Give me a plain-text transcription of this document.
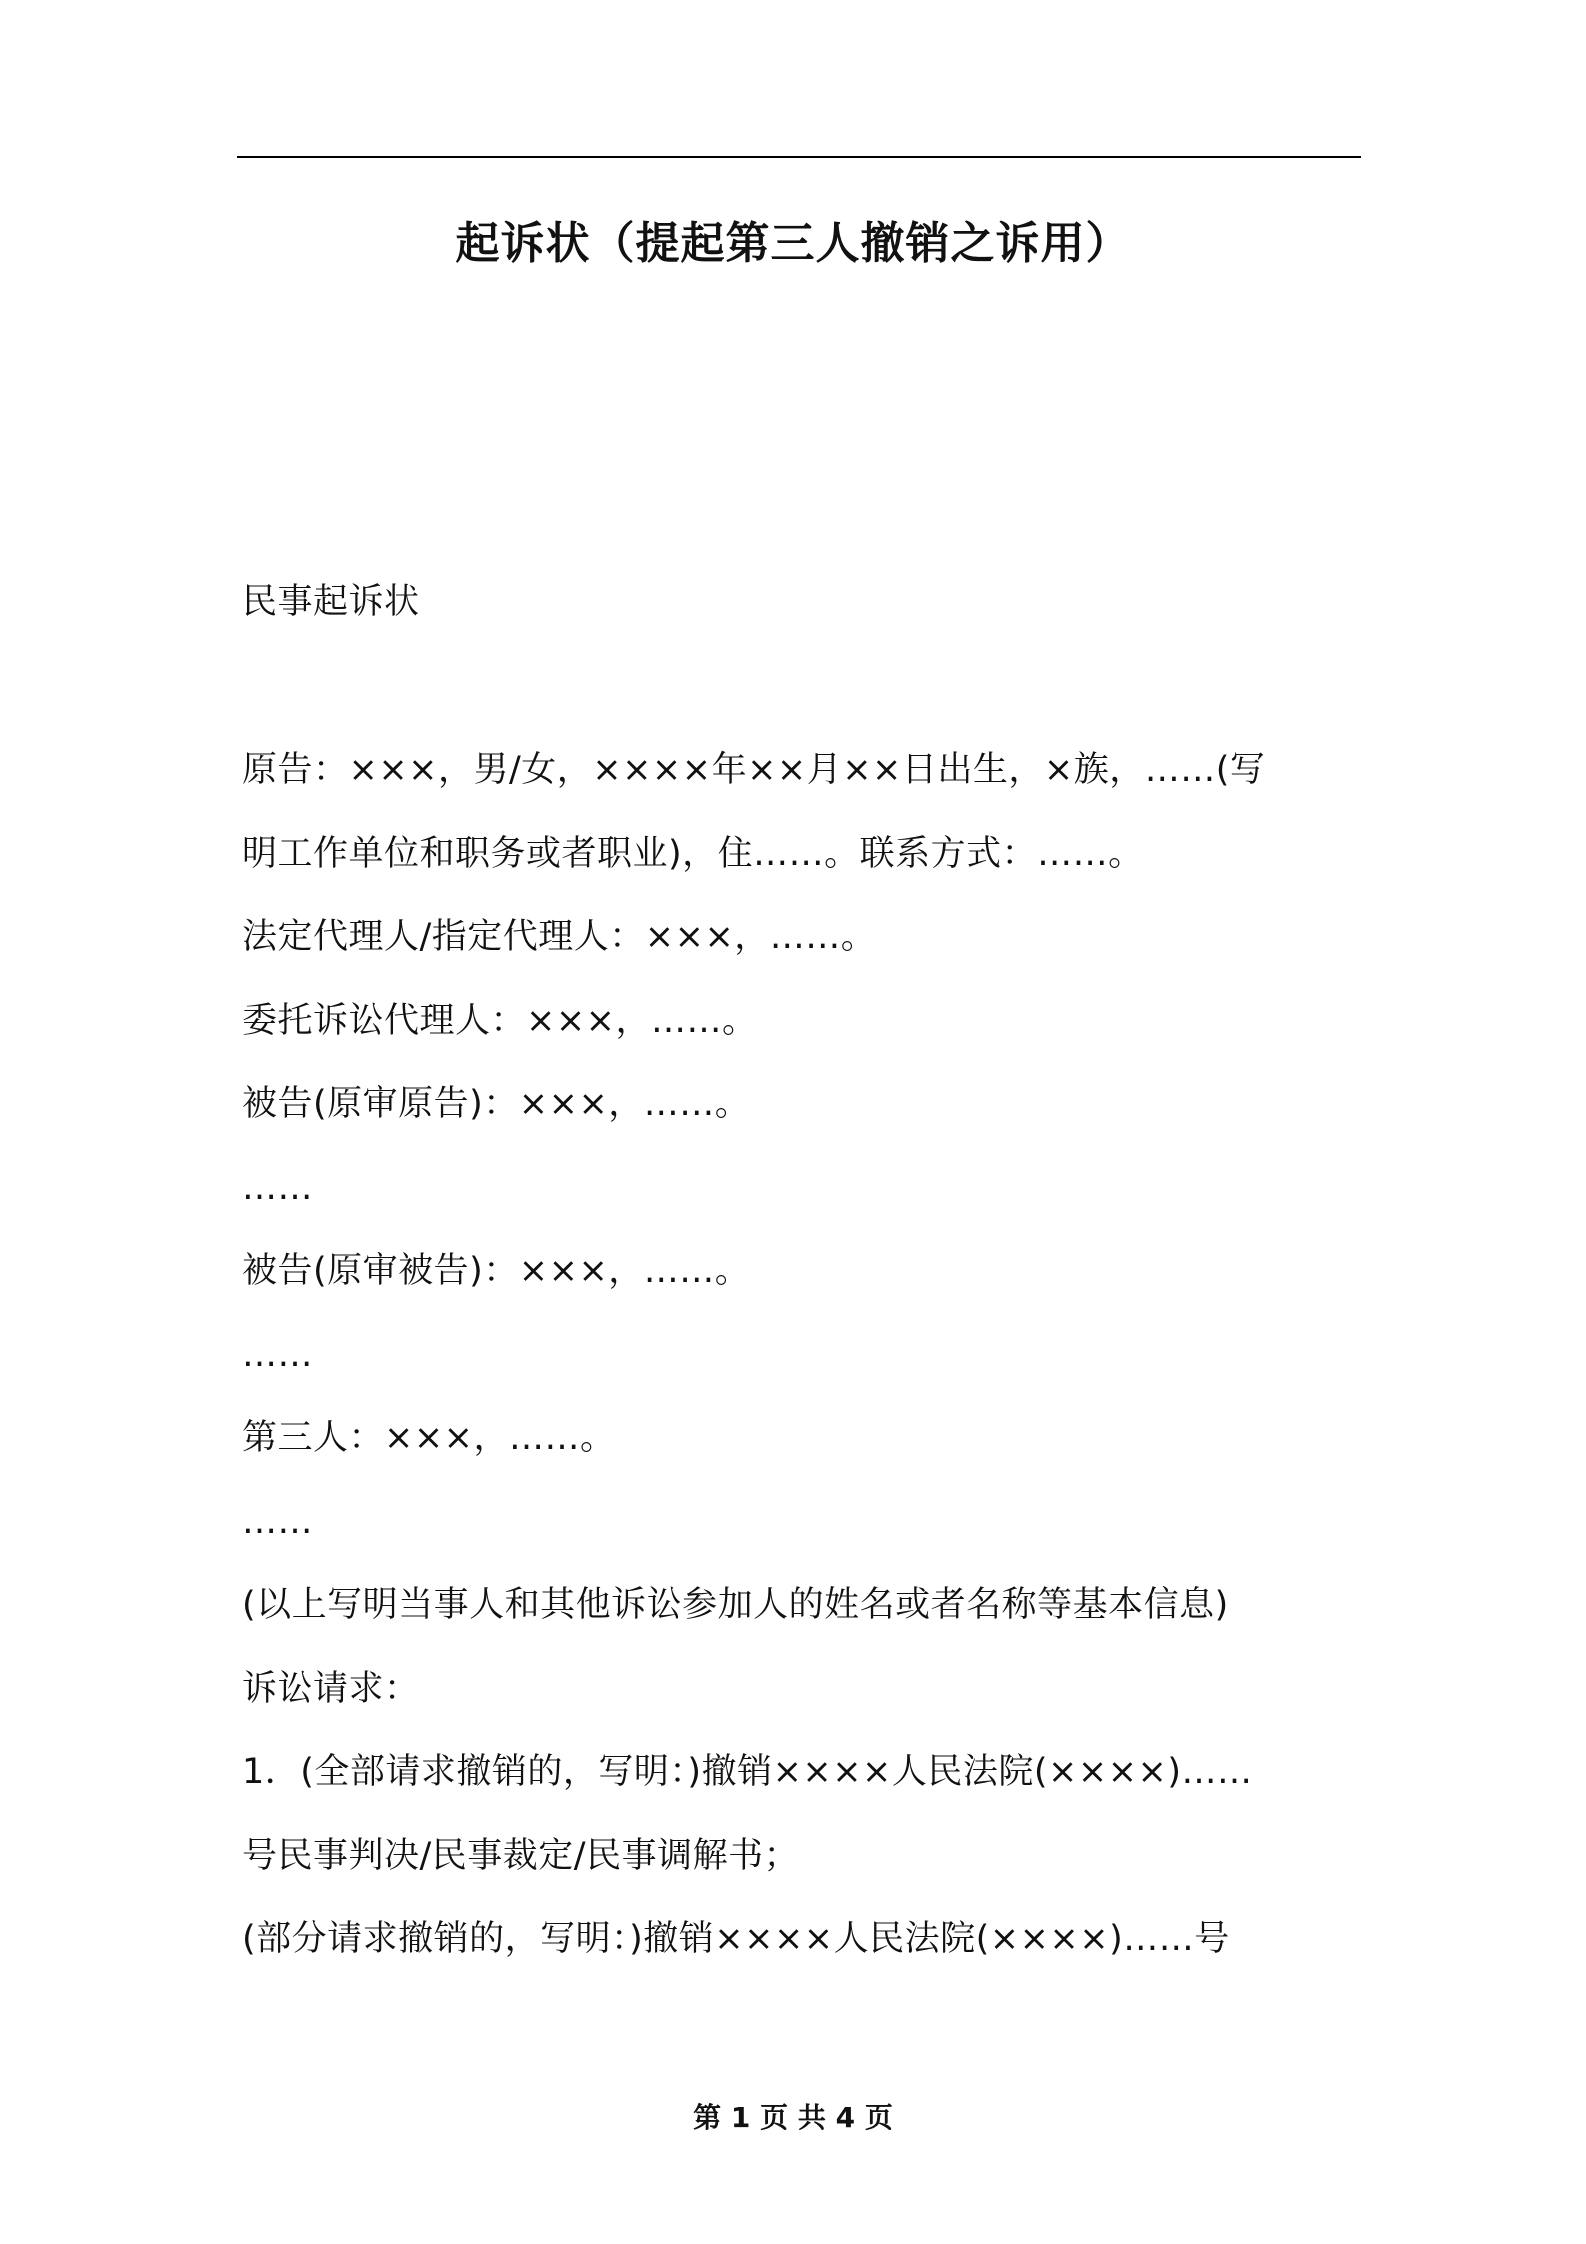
起诉状（提起第三人撤销之诉用）
民事起诉状
原告：×××，男/女，××××年××月××日出生，×族，……(写
明工作单位和职务或者职业)，住……。联系方式：……。
法定代理人/指定代理人：×××，……。
委托诉讼代理人：×××，……。
被告(原审原告)：×××，……。
……
被告(原审被告)：×××，……。
……
第三人：×××，……。
……
(以上写明当事人和其他诉讼参加人的姓名或者名称等基本信息)
诉讼请求：
1．(全部请求撤销的，写明：)撤销××××人民法院(××××)……
号民事判决/民事裁定/民事调解书；
(部分请求撤销的，写明：)撤销××××人民法院(××××)……号
第 1 页 共 4 页
